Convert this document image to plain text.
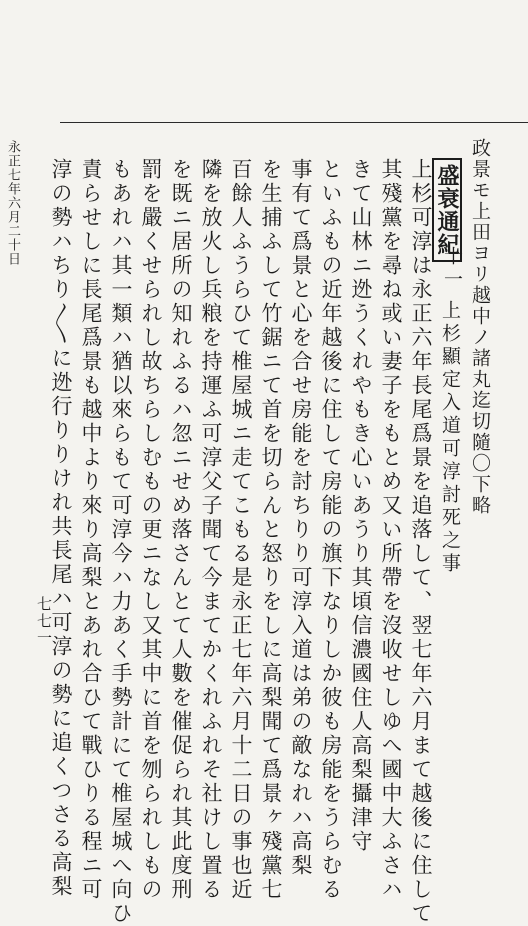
永正七年六月二十日
七七一
政景モ上田ヨリ越中ノ諸丸迄切隨〇下略
盛衰通紀
十一
上杉顯定入道可淳討死之事
上杉可淳は永正六年長尾爲景を追落して、翌七年六月まて越後に住して
其殘黨を尋ね或い妻子をもとめ又い所帶を沒收せしゆへ國中大ふさハ
きて山林ニ迯うくれやもき心いあうり其頃信濃國住人高梨攝津守
といふもの近年越後に住して房能の旗下なりしか彼も房能をうらむる
事有て爲景と心を合せ房能を討ちりり可淳入道は弟の敵なれハ高梨
を生捕ふして竹鋸ニて首を切らんと怒りをしに高梨聞て爲景ヶ殘黨七
百餘人ふうらひて椎屋城ニ走てこもる是永正七年六月十二日の事也近
隣を放火し兵粮を持運ふ可淳父子聞て今まてかくれふれそ社けし置る
を既ニ居所の知れふるハ忽ニせめ落さんとて人數を催促られ其此度刑
罰を嚴くせられし故ちらしむもの更ニなし又其中に首を刎られしもの
もあれハ其一類ハ猶以來らもて可淳今ハ力あく手勢計にて椎屋城へ向ひ
責らせしに長尾爲景も越中より來り高梨とあれ合ひて戰ひりる程ニ可
淳の勢ハちり〱に迯行りりけれ共長尾ハ可淳の勢に追くつさる高梨
